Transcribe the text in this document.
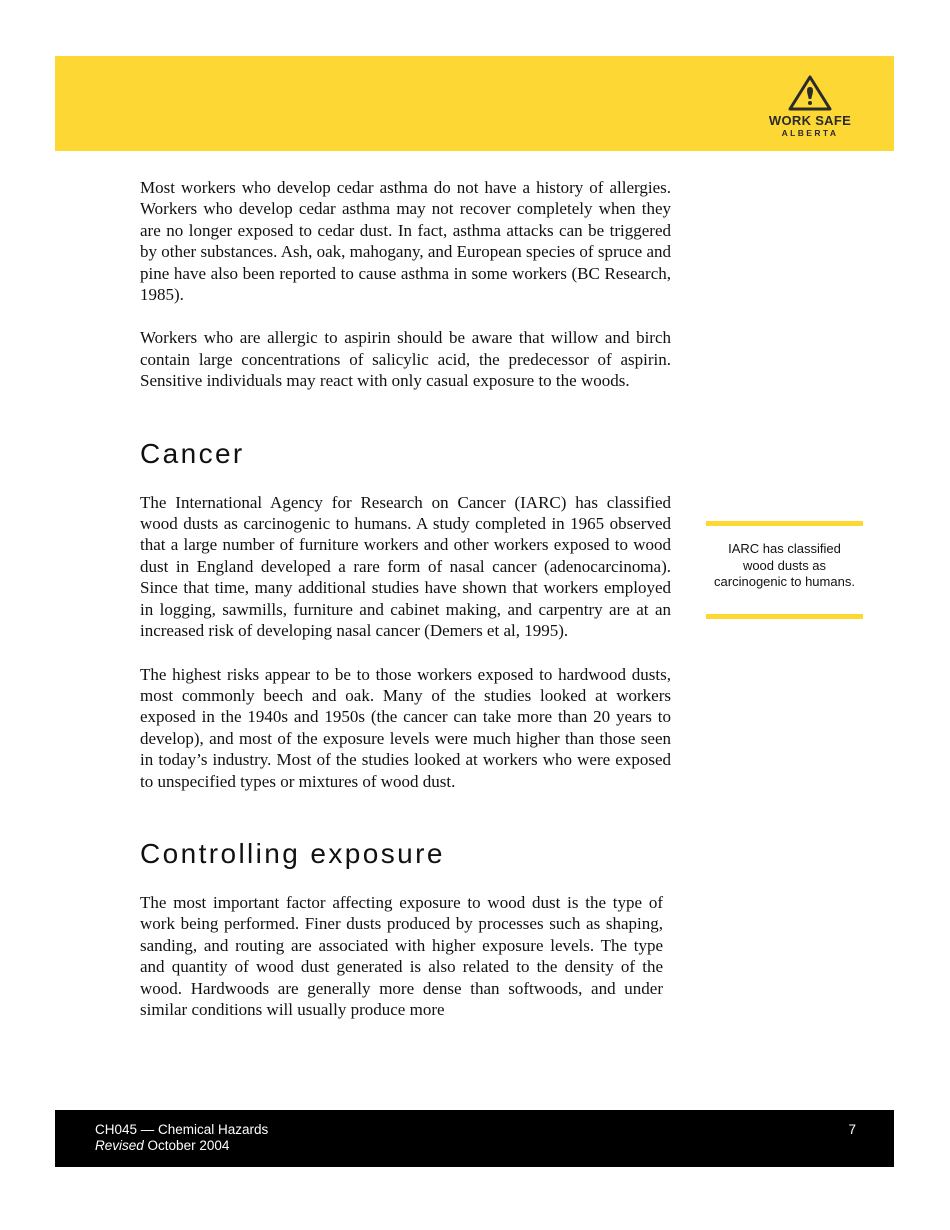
WORK SAFE
ALBERTA

Most workers who develop cedar asthma do not have a history of allergies. Workers who develop cedar asthma may not recover completely when they are no longer exposed to cedar dust. In fact, asthma attacks can be triggered by other substances. Ash, oak, mahogany, and European species of spruce and pine have also been reported to cause asthma in some workers (BC Research, 1985).

Workers who are allergic to aspirin should be aware that willow and birch contain large concentrations of salicylic acid, the predecessor of aspirin. Sensitive individuals may react with only casual exposure to the woods.

Cancer

The International Agency for Research on Cancer (IARC) has classified wood dusts as carcinogenic to humans. A study completed in 1965 observed that a large number of furniture workers and other workers exposed to wood dust in England developed a rare form of nasal cancer (adenocarcinoma). Since that time, many additional studies have shown that workers employed in logging, sawmills, furniture and cabinet making, and carpentry are at an increased risk of developing nasal cancer (Demers et al, 1995).

The highest risks appear to be to those workers exposed to hardwood dusts, most commonly beech and oak. Many of the studies looked at workers exposed in the 1940s and 1950s (the cancer can take more than 20 years to develop), and most of the exposure levels were much higher than those seen in today’s industry. Most of the studies looked at workers who were exposed to unspecified types or mixtures of wood dust.

Controlling exposure

The most important factor affecting exposure to wood dust is the type of work being performed. Finer dusts produced by processes such as shaping, sanding, and routing are associated with higher exposure levels. The type and quantity of wood dust generated is also related to the density of the wood. Hardwoods are generally more dense than softwoods, and under similar conditions will usually produce more

IARC has classified wood dusts as carcinogenic to humans.

CH045 — Chemical Hazards
Revised October 2004
7
